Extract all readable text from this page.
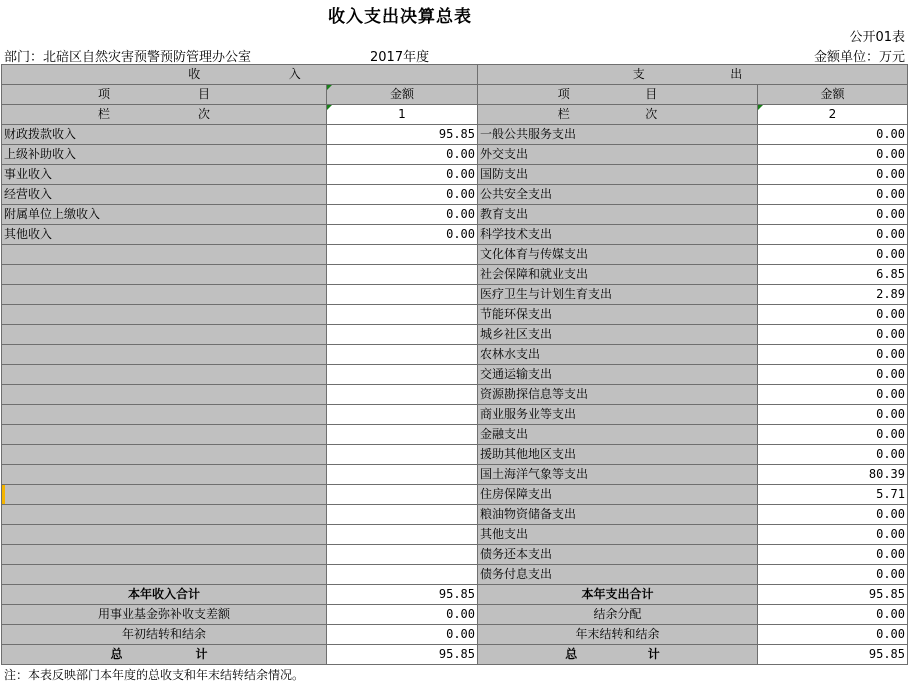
收入支出决算总表
公开01表
部门：北碚区自然灾害预警预防管理办公室	2017年度	金额单位：万元
收 入		支 出	

项 目	金额	项 目	金额

栏 次	1	栏 次	2
财政拨款收入	95.85	一般公共服务支出	0.00
上级补助收入	0.00	外交支出	0.00
事业收入	0.00	国防支出	0.00
经营收入	0.00	公共安全支出	0.00
附属单位上缴收入	0.00	教育支出	0.00
其他收入	0.00	科学技术支出	0.00
		文化体育与传媒支出	0.00
		社会保障和就业支出	6.85
		医疗卫生与计划生育支出	2.89
		节能环保支出	0.00
		城乡社区支出	0.00
		农林水支出	0.00
		交通运输支出	0.00
		资源勘探信息等支出	0.00
		商业服务业等支出	0.00
		金融支出	0.00
		援助其他地区支出	0.00
		国土海洋气象等支出	80.39
		住房保障支出	5.71
		粮油物资储备支出	0.00
		其他支出	0.00
		债务还本支出	0.00
		债务付息支出	0.00
本年收入合计	95.85	本年支出合计	95.85
用事业基金弥补收支差额	0.00	结余分配	0.00
年初结转和结余	0.00	年末结转和结余	0.00

总 计	95.85	总 计	95.85
注：本表反映部门本年度的总收支和年末结转结余情况。
